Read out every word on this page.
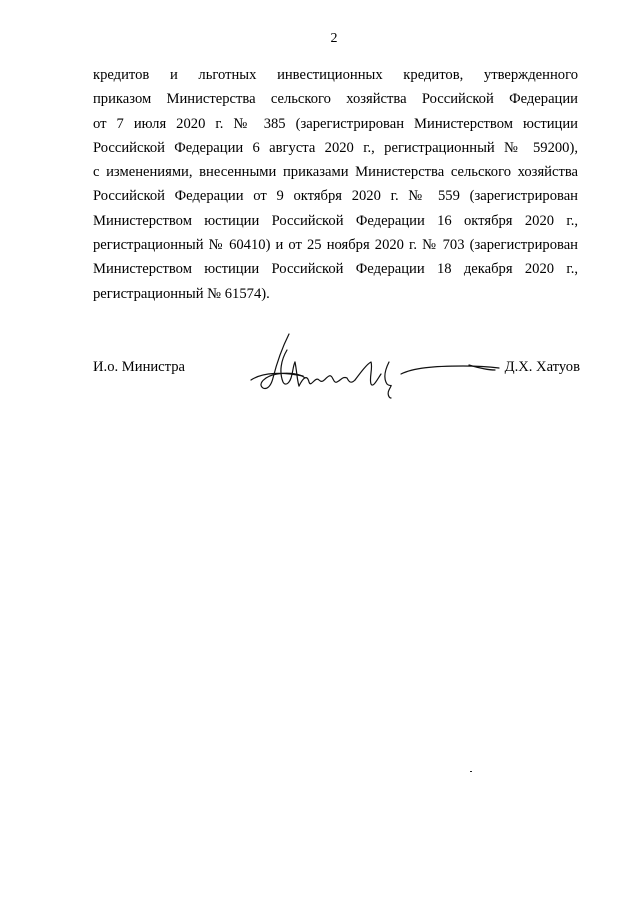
2
кредитов и льготных инвестиционных кредитов, утвержденного
приказом Министерства сельского хозяйства Российской Федерации
от 7 июля 2020 г. № 385 (зарегистрирован Министерством юстиции
Российской Федерации 6 августа 2020 г., регистрационный № 59200),
с изменениями, внесенными приказами Министерства сельского хозяйства
Российской Федерации от 9 октября 2020 г. № 559 (зарегистрирован
Министерством юстиции Российской Федерации 16 октября 2020 г.,
регистрационный № 60410) и от 25 ноября 2020 г. № 703 (зарегистрирован
Министерством юстиции Российской Федерации 18 декабря 2020 г.,
регистрационный № 61574).
И.о. Министра	Д.Х. Хатуов
